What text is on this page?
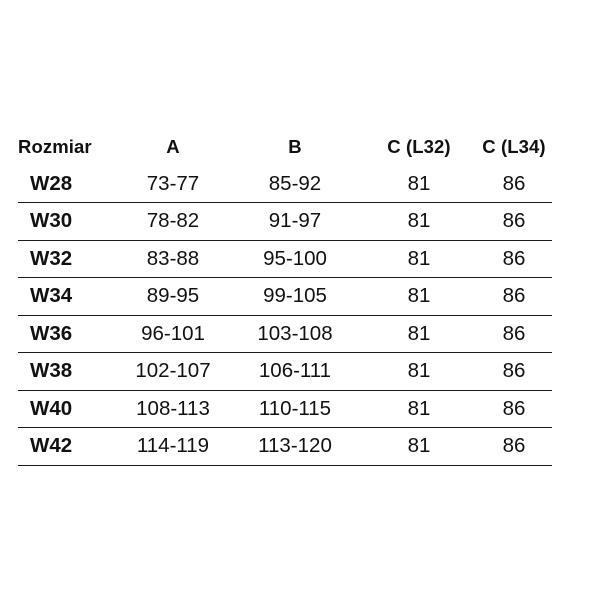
Rozmiar	A	B	C (L32)	C (L34)
W28	73-77	85-92	81	86
W30	78-82	91-97	81	86
W32	83-88	95-100	81	86
W34	89-95	99-105	81	86
W36	96-101	103-108	81	86
W38	102-107	106-111	81	86
W40	108-113	110-115	81	86
W42	114-119	113-120	81	86
